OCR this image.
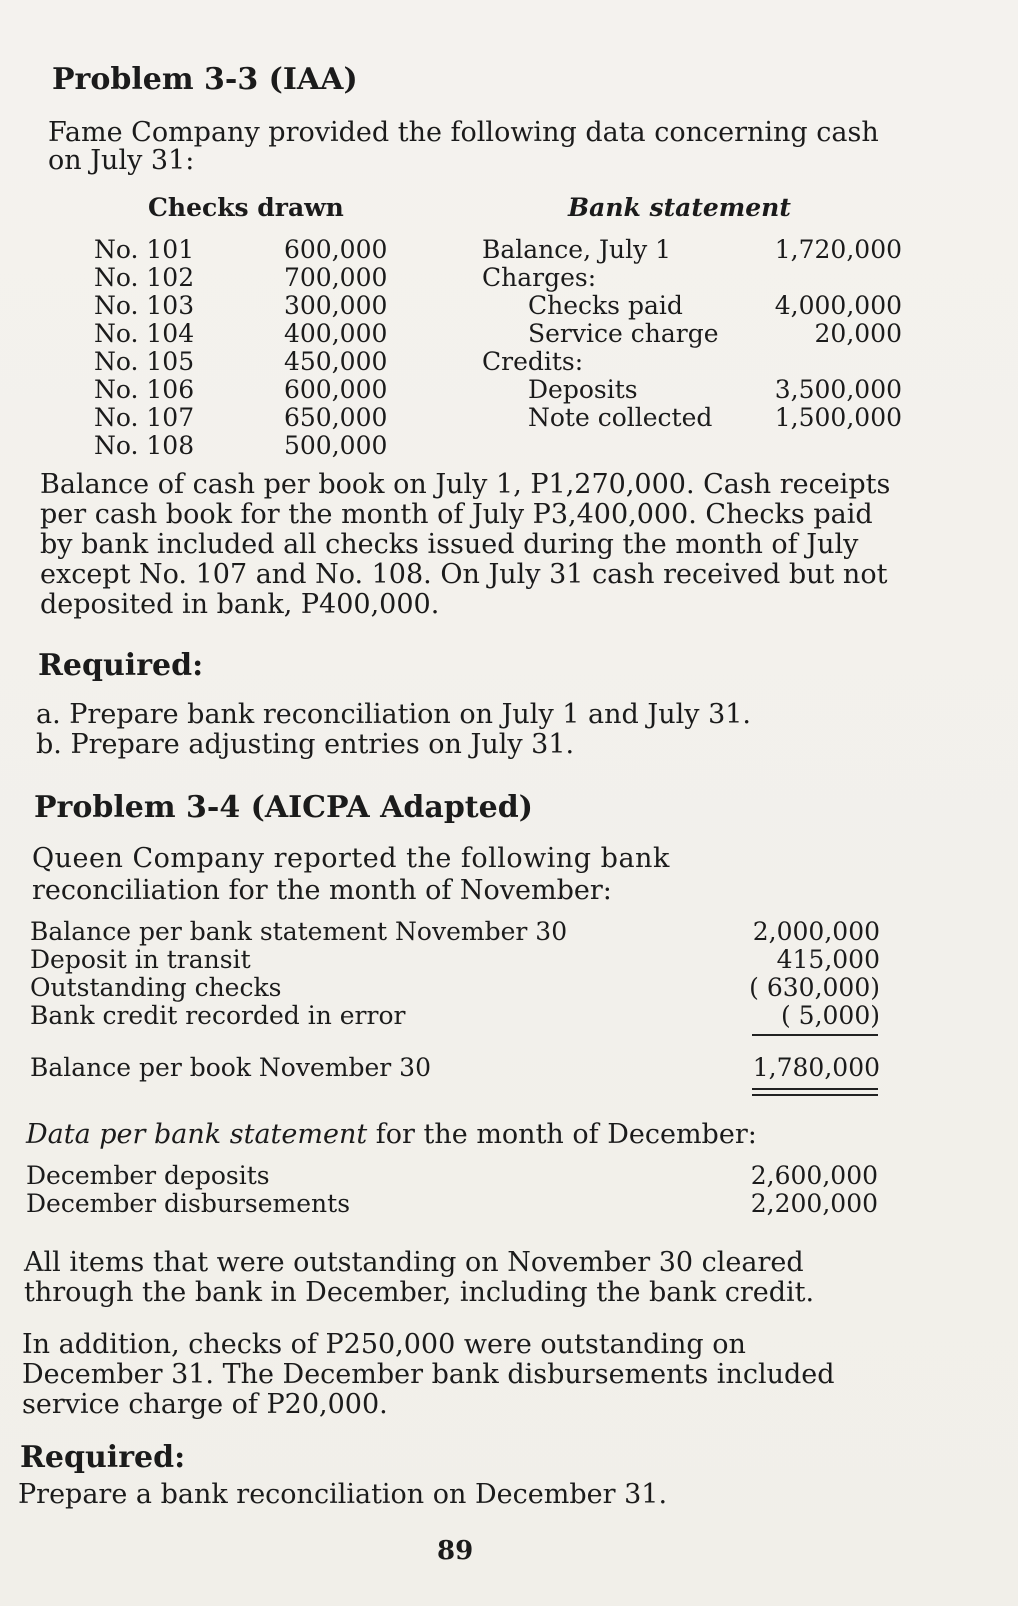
Problem 3-3 (IAA)
Fame Company provided the following data concerning cash
on July 31:
Checks drawn	Bank statement
No. 101	600,000
No. 102	700,000
No. 103	300,000
No. 104	400,000
No. 105	450,000
No. 106	600,000
No. 107	650,000
No. 108	500,000
Balance, July 1	1,720,000
Charges:
Checks paid	4,000,000
Service charge	20,000
Credits:
Deposits	3,500,000
Note collected	1,500,000
Balance of cash per book on July 1, P1,270,000. Cash receipts
per cash book for the month of July P3,400,000. Checks paid
by bank included all checks issued during the month of July
except No. 107 and No. 108. On July 31 cash received but not
deposited in bank, P400,000.
Required:
a. Prepare bank reconciliation on July 1 and July 31.
b. Prepare adjusting entries on July 31.
Problem 3-4 (AICPA Adapted)
Queen Company reported the following bank
reconciliation for the month of November:
Balance per bank statement November 30	2,000,000
Deposit in transit	415,000
Outstanding checks	( 630,000)
Bank credit recorded in error	( 5,000)
Balance per book November 30	1,780,000
Data per bank statement for the month of December:
December deposits	2,600,000
December disbursements	2,200,000
All items that were outstanding on November 30 cleared
through the bank in December, including the bank credit.
In addition, checks of P250,000 were outstanding on
December 31. The December bank disbursements included
service charge of P20,000.
Required:
Prepare a bank reconciliation on December 31.
89
